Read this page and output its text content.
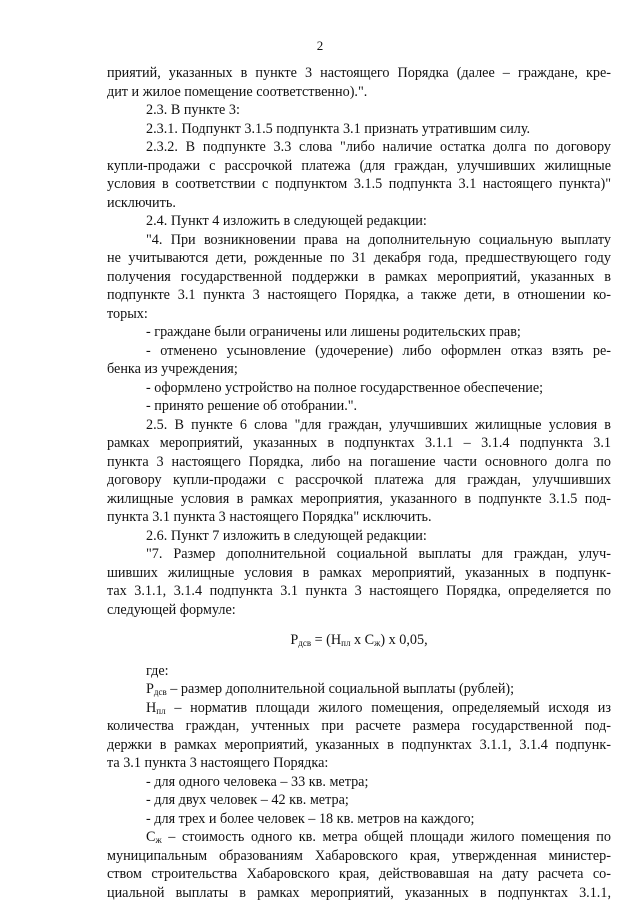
2
приятий, указанных в пункте 3 настоящего Порядка (далее – граждане, кре-
дит и жилое помещение соответственно).".
2.3. В пункте 3:
2.3.1. Подпункт 3.1.5 подпункта 3.1 признать утратившим силу.
2.3.2. В подпункте 3.3 слова "либо наличие остатка долга по договору
купли-продажи с рассрочкой платежа (для граждан, улучшивших жилищные
условия в соответствии с подпунктом 3.1.5 подпункта 3.1 настоящего пункта)"
исключить.
2.4. Пункт 4 изложить в следующей редакции:
"4. При возникновении права на дополнительную социальную выплату
не учитываются дети, рожденные по 31 декабря года, предшествующего году
получения государственной поддержки в рамках мероприятий, указанных в
подпункте 3.1 пункта 3 настоящего Порядка, а также дети, в отношении ко-
торых:
- граждане были ограничены или лишены родительских прав;
- отменено усыновление (удочерение) либо оформлен отказ взять ре-
бенка из учреждения;
- оформлено устройство на полное государственное обеспечение;
- принято решение об отобрании.".
2.5. В пункте 6 слова "для граждан, улучшивших жилищные условия в
рамках мероприятий, указанных в подпунктах 3.1.1 – 3.1.4 подпункта 3.1
пункта 3 настоящего Порядка, либо на погашение части основного долга по
договору купли-продажи с рассрочкой платежа для граждан, улучшивших
жилищные условия в рамках мероприятия, указанного в подпункте 3.1.5 под-
пункта 3.1 пункта 3 настоящего Порядка" исключить.
2.6. Пункт 7 изложить в следующей редакции:
"7. Размер дополнительной социальной выплаты для граждан, улуч-
шивших жилищные условия в рамках мероприятий, указанных в подпунк-
тах 3.1.1, 3.1.4 подпункта 3.1 пункта 3 настоящего Порядка, определяется по
следующей формуле:
$Р_{дсв} = (Н_{пл}$ х $С_ж$) х 0,05,
где:
$Р_{дсв}$ – размер дополнительной социальной выплаты (рублей);
$Н_{пл}$ – норматив площади жилого помещения, определяемый исходя из
количества граждан, учтенных при расчете размера государственной под-
держки в рамках мероприятий, указанных в подпунктах 3.1.1, 3.1.4 подпунк-
та 3.1 пункта 3 настоящего Порядка:
- для одного человека – 33 кв. метра;
- для двух человек – 42 кв. метра;
- для трех и более человек – 18 кв. метров на каждого;
$С_ж$ – стоимость одного кв. метра общей площади жилого помещения по
муниципальным образованиям Хабаровского края, утвержденная министер-
ством строительства Хабаровского края, действовавшая на дату расчета со-
циальной выплаты в рамках мероприятий, указанных в подпунктах 3.1.1,
